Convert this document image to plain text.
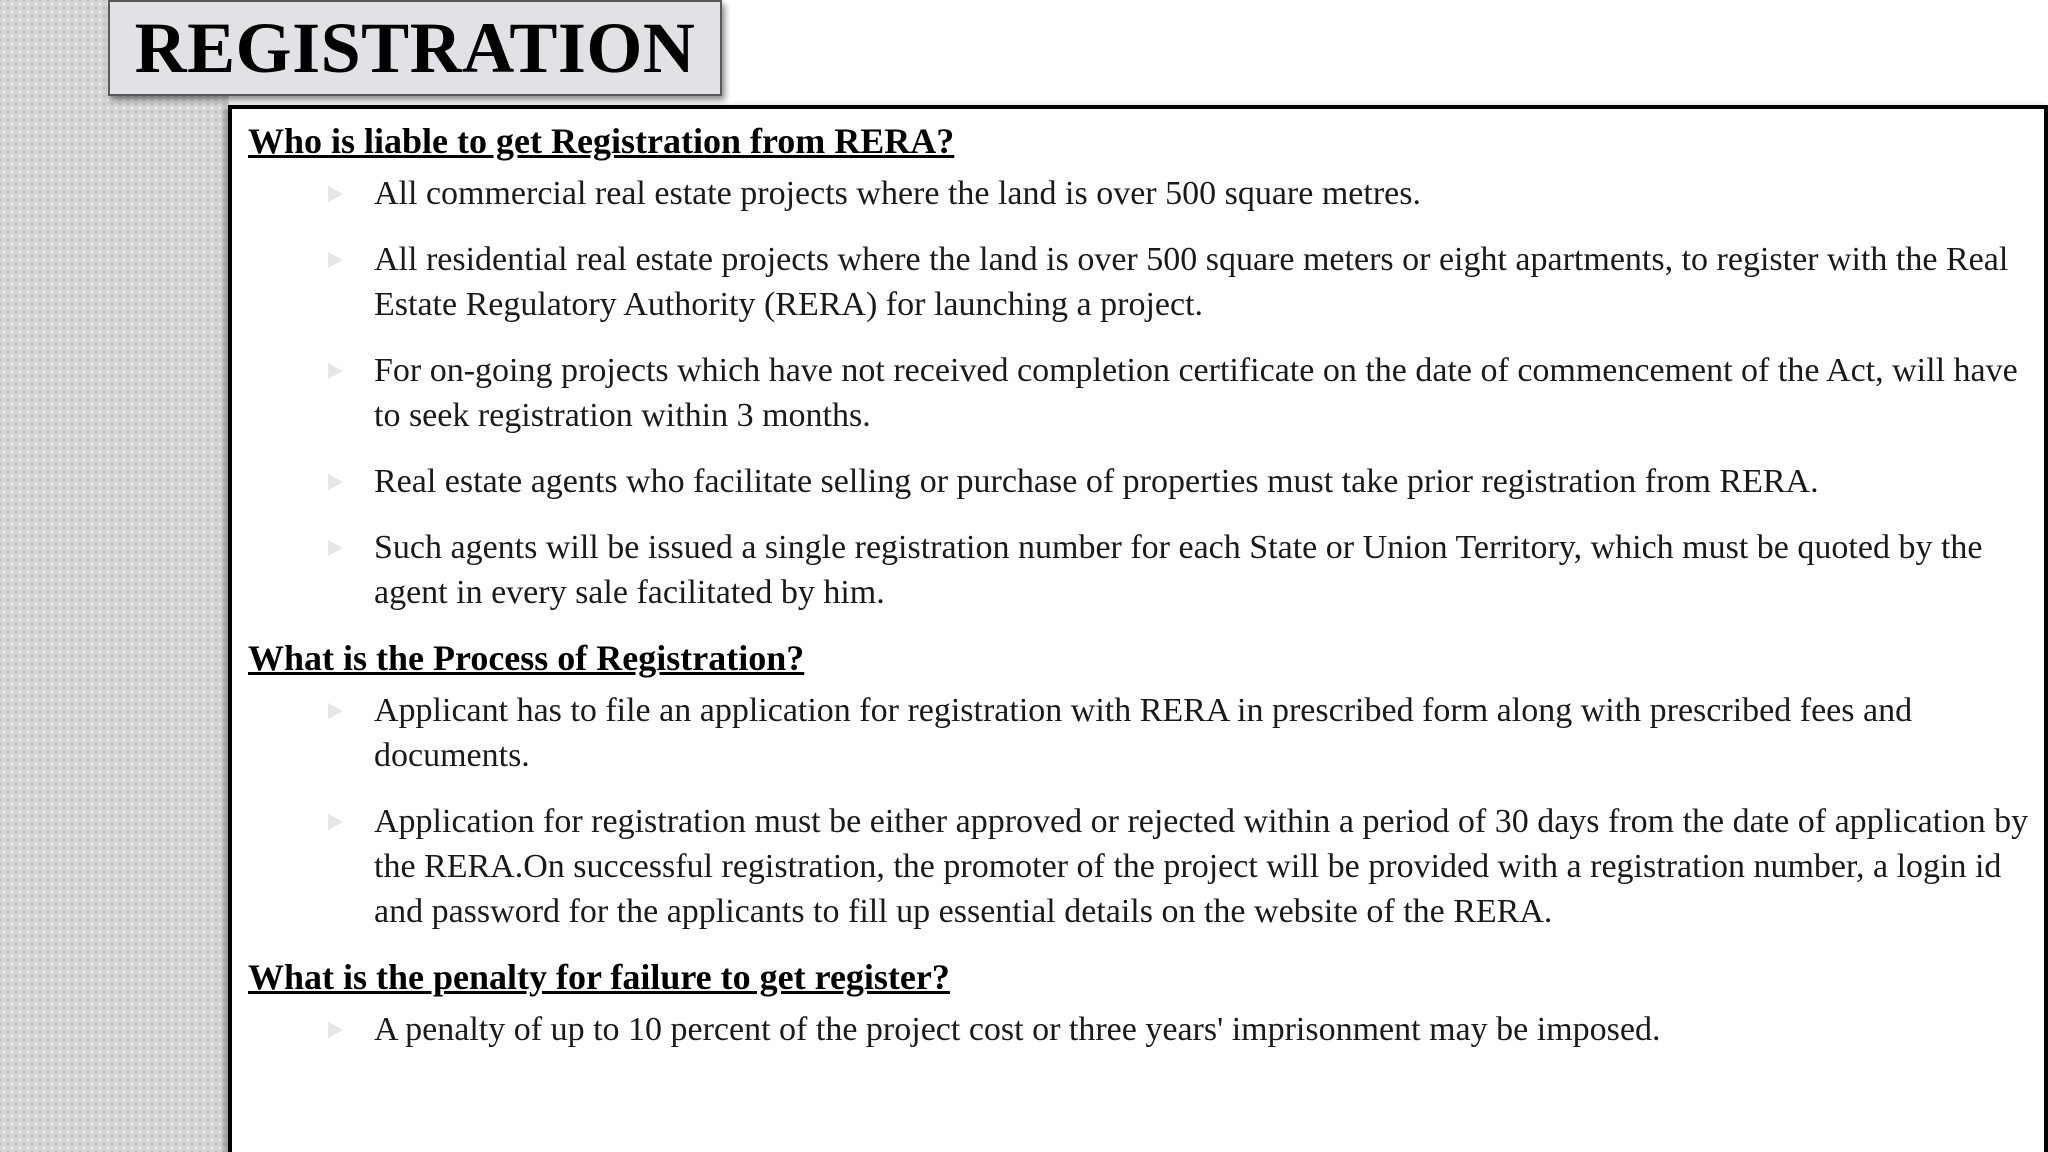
REGISTRATION
Who is liable to get Registration from RERA?
All commercial real estate projects where the land is over 500 square metres.
All residential real estate projects where the land is over 500 square meters or eight apartments, to register with the Real Estate Regulatory Authority (RERA) for launching a project.
For on-going projects which have not received completion certificate on the date of commencement of the Act, will have to seek registration within 3 months.
Real estate agents who facilitate selling or purchase of properties must take prior registration from RERA.
Such agents will be issued a single registration number for each State or Union Territory, which must be quoted by the agent in every sale facilitated by him.
What is the Process of Registration?
Applicant has to file an application for registration with RERA in prescribed form along with prescribed fees and documents.
Application for registration must be either approved or rejected within a period of 30 days from the date of application by the RERA.On successful registration, the promoter of the project will be provided with a registration number, a login id and password for the applicants to fill up essential details on the website of the RERA.
What is the penalty for failure to get register?
A penalty of up to 10 percent of the project cost or three years' imprisonment may be imposed.
